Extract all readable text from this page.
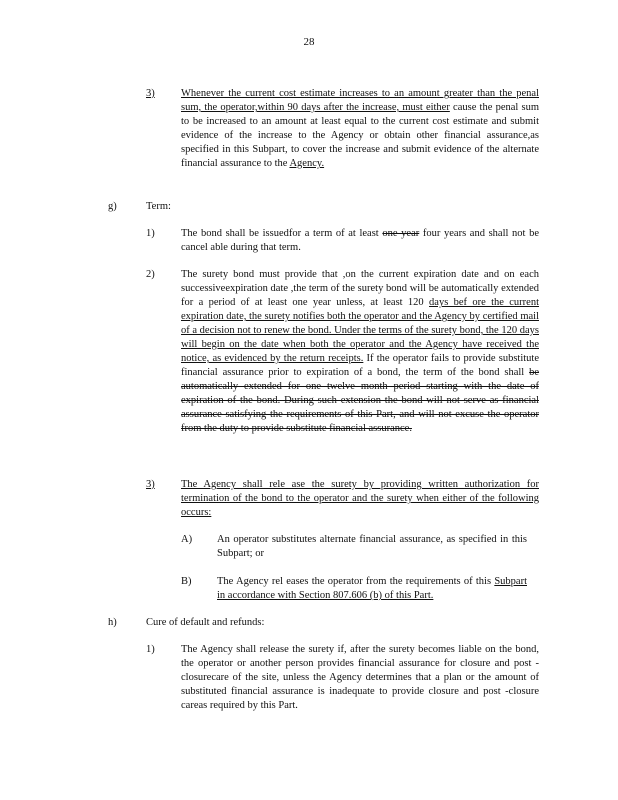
28
3)	Whenever the current cost estimate increases to an amount greater than the penal sum, the operator,within 90 days after the increase, must either cause the penal sum to be increased to an amount at least equal to the current cost estimate and submit evidence of the increase to the Agency or obtain other financial assurance,as specified in this Subpart, to cover the increase and submit evidence of the alternate financial assurance to the Agency.
g)	Term:
1)	The bond shall be issuedfor a term of at least one year four years and shall not be cancel able during that term.
2)	The surety bond must provide that ,on the current expiration date and on each successiveexpiration date ,the term of the surety bond will be automatically extended for a period of at least one year unless, at least 120 days bef ore the current expiration date, the surety notifies both the operator and the Agency by certified mail of a decision not to renew the bond. Under the terms of the surety bond, the 120 days will begin on the date when both the operator and the Agency have received the notice, as evidenced by the return receipts. If the operator fails to provide substitute financial assurance prior to expiration of a bond, the term of the bond shall be automatically extended for one twelve month period starting with the date of expiration of the bond. During such extension the bond will not serve as financial assurance satisfying the requirements of this Part, and will not excuse the operator from the duty to provide substitute financial assurance.
3)	The Agency shall rele ase the surety by providing written authorization for termination of the bond to the operator and the surety when either of the following occurs:
A) An operator substitutes alternate financial assurance, as specified in this Subpart; or
B) The Agency rel eases the operator from the requirements of this Subpart in accordance with Section 807.606 (b) of this Part.
h)	Cure of default and refunds:
1)	The Agency shall release the surety if, after the surety becomes liable on the bond, the operator or another person provides financial assurance for closure and post -closurecare of the site, unless the Agency determines that a plan or the amount of substituted financial assurance is inadequate to provide closure and post -closure careas required by this Part.
